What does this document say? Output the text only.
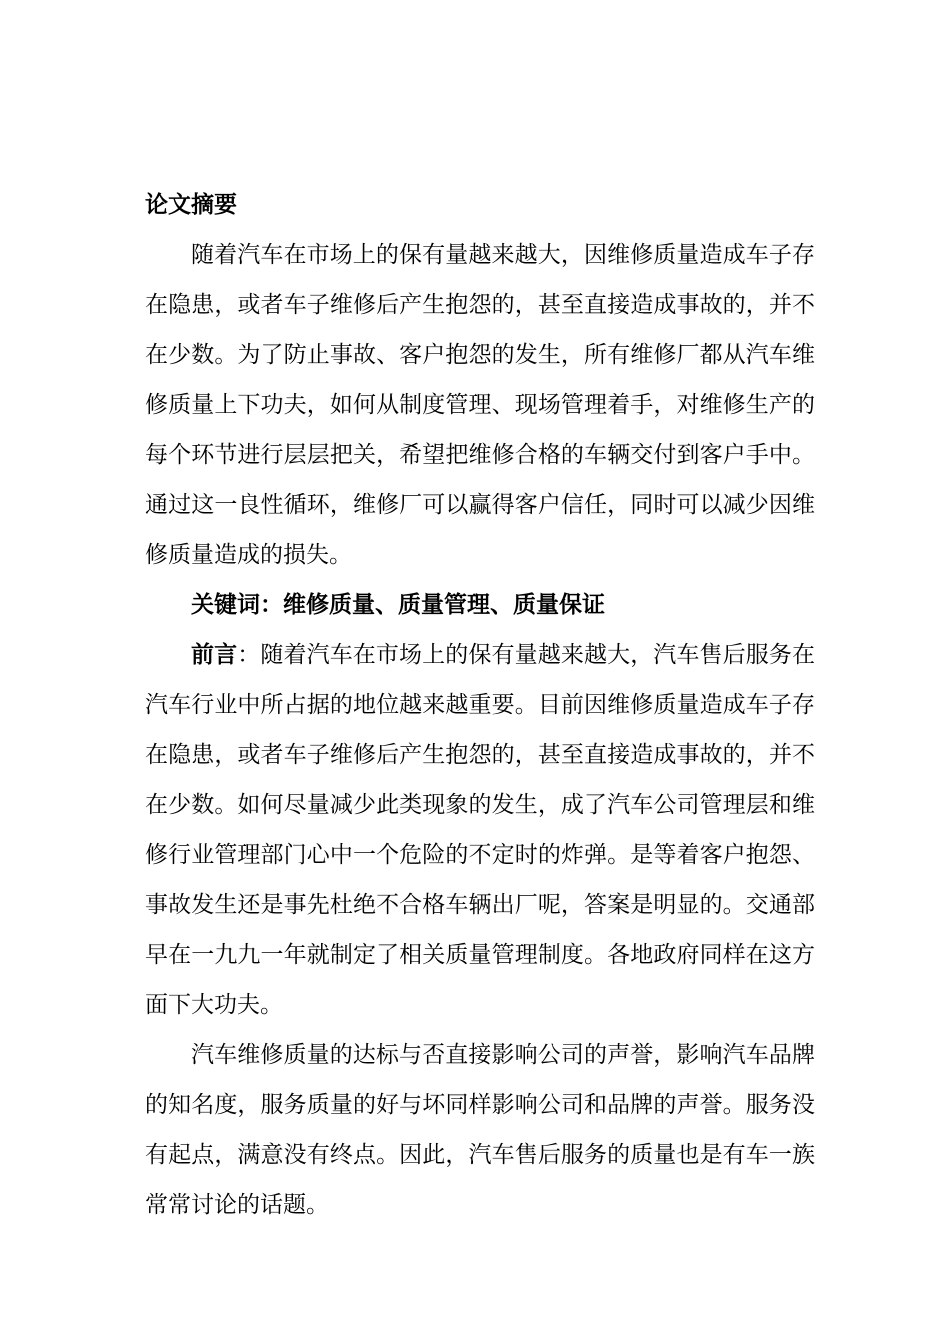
论文摘要

随着汽车在市场上的保有量越来越大，因维修质量造成车子存在隐患，或者车子维修后产生抱怨的，甚至直接造成事故的，并不在少数。为了防止事故、客户抱怨的发生，所有维修厂都从汽车维修质量上下功夫，如何从制度管理、现场管理着手，对维修生产的每个环节进行层层把关，希望把维修合格的车辆交付到客户手中。通过这一良性循环，维修厂可以赢得客户信任，同时可以减少因维修质量造成的损失。

关键词：维修质量、质量管理、质量保证

前言：随着汽车在市场上的保有量越来越大，汽车售后服务在汽车行业中所占据的地位越来越重要。目前因维修质量造成车子存在隐患，或者车子维修后产生抱怨的，甚至直接造成事故的，并不在少数。如何尽量减少此类现象的发生，成了汽车公司管理层和维修行业管理部门心中一个危险的不定时的炸弹。是等着客户抱怨、事故发生还是事先杜绝不合格车辆出厂呢，答案是明显的。交通部早在一九九一年就制定了相关质量管理制度。各地政府同样在这方面下大功夫。

汽车维修质量的达标与否直接影响公司的声誉，影响汽车品牌的知名度，服务质量的好与坏同样影响公司和品牌的声誉。服务没有起点，满意没有终点。因此，汽车售后服务的质量也是有车一族常常讨论的话题。
